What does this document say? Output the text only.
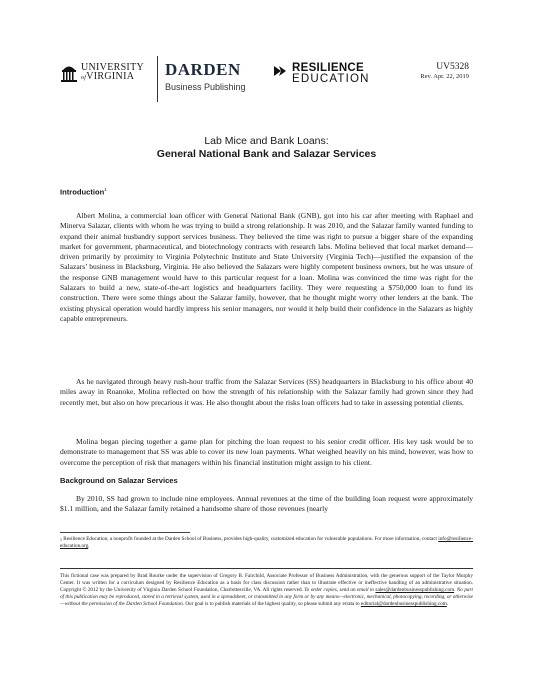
UNIVERSITY
ofVIRGINIA	DARDEN
Business Publishing
RESILIENCE
EDUCATION
UV5328
Rev. Apr. 22, 2019
Lab Mice and Bank Loans:
General National Bank and Salazar Services
Introduction$^1$

Albert Molina, a commercial loan officer with General National Bank (GNB), got into his car after meeting with Raphael and Minerva Salazar, clients with whom he was trying to build a strong relationship. It was 2010, and the Salazar family wanted funding to expand their animal husbandry support services business. They believed the time was right to pursue a bigger share of the expanding market for government, pharmaceutical, and biotechnology contracts with research labs. Molina believed that local market demand—driven primarily by proximity to Virginia Polytechnic Institute and State University (Virginia Tech)—justified the expansion of the Salazars’ business in Blacksburg, Virginia. He also believed the Salazars were highly competent business owners, but he was unsure of the response GNB management would have to this particular request for a loan. Molina was convinced the time was right for the Salazars to build a new, state-of-the-art logistics and headquarters facility. They were requesting a $750,000 loan to fund its construction. There were some things about the Salazar family, however, that he thought might worry other lenders at the bank. The existing physical operation would hardly impress his senior managers, nor would it help build their confidence in the Salazars as highly capable entrepreneurs.

As he navigated through heavy rush-hour traffic from the Salazar Services (SS) headquarters in Blacksburg to his office about 40 miles away in Roanoke, Molina reflected on how the strength of his relationship with the Salazar family had grown since they had recently met, but also on how precarious it was. He also thought about the risks loan officers had to take in assessing potential clients.

Molina began piecing together a game plan for pitching the loan request to his senior credit officer. His key task would be to demonstrate to management that SS was able to cover its new loan payments. What weighed heavily on his mind, however, was how to overcome the perception of risk that managers within his financial institution might assign to his client.

Background on Salazar Services

By 2010, SS had grown to include nine employees. Annual revenues at the time of the building loan request were approximately $1.1 million, and the Salazar family retained a handsome share of those revenues (nearly

$^1$ Resilience Education, a nonprofit founded at the Darden School of Business, provides high-quality, customized education for vulnerable populations. For more information, contact info@resilience-education.org.
This fictional case was prepared by Brad Rourke under the supervision of Gregory B. Fairchild, Associate Professor of Business Administration, with the generous support of the Taylor Murphy Center. It was written for a curriculum designed by Resilience Education as a basis for class discussion rather than to illustrate effective or ineffective handling of an administrative situation. Copyright © 2012 by the University of Virginia Darden School Foundation, Charlottesville, VA. All rights reserved. To order copies, send an email to sales@dardenbusinesspublishing.com. No part of this publication may be reproduced, stored in a retrieval system, used in a spreadsheet, or transmitted in any form or by any means—electronic, mechanical, photocopying, recording, or otherwise—without the permission of the Darden School Foundation. Our goal is to publish materials of the highest quality, so please submit any errata to editorial@dardenbusinesspublishing.com.
